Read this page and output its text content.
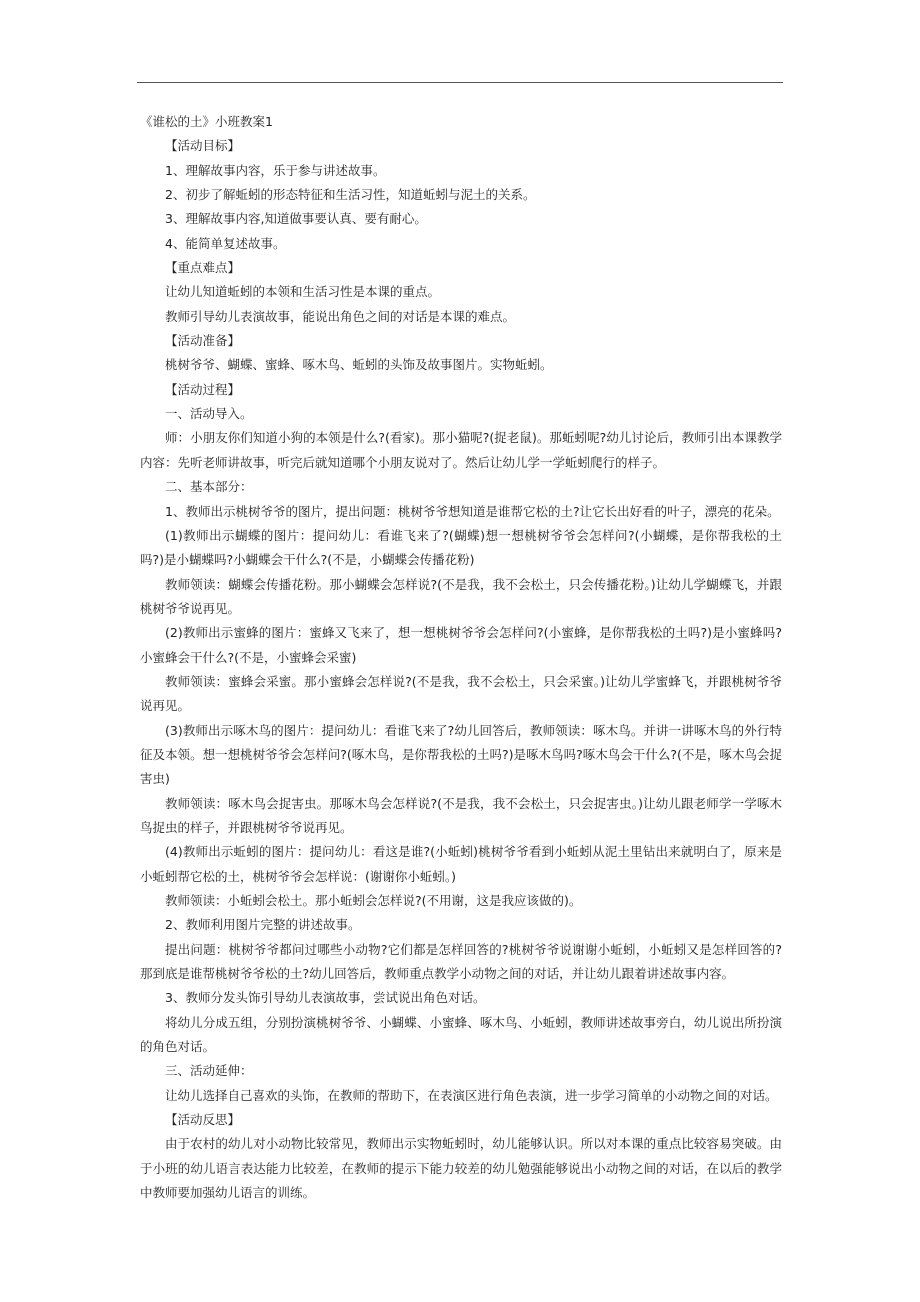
《谁松的土》小班教案1

【活动目标】

1、理解故事内容，乐于参与讲述故事。

2、初步了解蚯蚓的形态特征和生活习性，知道蚯蚓与泥土的关系。

3、理解故事内容,知道做事要认真、要有耐心。

4、能简单复述故事。

【重点难点】

让幼儿知道蚯蚓的本领和生活习性是本课的重点。

教师引导幼儿表演故事，能说出角色之间的对话是本课的难点。

【活动准备】

桃树爷爷、蝴蝶、蜜蜂、啄木鸟、蚯蚓的头饰及故事图片。实物蚯蚓。

【活动过程】

一、活动导入。

师：小朋友你们知道小狗的本领是什么?(看家)。那小猫呢?(捉老鼠)。那蚯蚓呢?幼儿讨论后，教师引出本课教学内容：先听老师讲故事，听完后就知道哪个小朋友说对了。然后让幼儿学一学蚯蚓爬行的样子。

二、基本部分：

1、教师出示桃树爷爷的图片，提出问题：桃树爷爷想知道是谁帮它松的土?让它长出好看的叶子，漂亮的花朵。

(1)教师出示蝴蝶的图片：提问幼儿：看谁飞来了?(蝴蝶)想一想桃树爷爷会怎样问?(小蝴蝶，是你帮我松的土吗?)是小蝴蝶吗?小蝴蝶会干什么?(不是，小蝴蝶会传播花粉)

教师领读：蝴蝶会传播花粉。那小蝴蝶会怎样说?(不是我，我不会松土，只会传播花粉。)让幼儿学蝴蝶飞，并跟桃树爷爷说再见。

(2)教师出示蜜蜂的图片：蜜蜂又飞来了，想一想桃树爷爷会怎样问?(小蜜蜂，是你帮我松的土吗?)是小蜜蜂吗?小蜜蜂会干什么?(不是，小蜜蜂会采蜜)

教师领读：蜜蜂会采蜜。那小蜜蜂会怎样说?(不是我，我不会松土，只会采蜜。)让幼儿学蜜蜂飞，并跟桃树爷爷说再见。

(3)教师出示啄木鸟的图片：提问幼儿：看谁飞来了?幼儿回答后，教师领读：啄木鸟。并讲一讲啄木鸟的外行特征及本领。想一想桃树爷爷会怎样问?(啄木鸟，是你帮我松的土吗?)是啄木鸟吗?啄木鸟会干什么?(不是，啄木鸟会捉害虫)

教师领读：啄木鸟会捉害虫。那啄木鸟会怎样说?(不是我，我不会松土，只会捉害虫。)让幼儿跟老师学一学啄木鸟捉虫的样子，并跟桃树爷爷说再见。

(4)教师出示蚯蚓的图片：提问幼儿：看这是谁?(小蚯蚓)桃树爷爷看到小蚯蚓从泥土里钻出来就明白了，原来是小蚯蚓帮它松的土，桃树爷爷会怎样说：(谢谢你小蚯蚓。)

教师领读：小蚯蚓会松土。那小蚯蚓会怎样说?(不用谢，这是我应该做的)。

2、教师利用图片完整的讲述故事。

提出问题：桃树爷爷都问过哪些小动物?它们都是怎样回答的?桃树爷爷说谢谢小蚯蚓，小蚯蚓又是怎样回答的?那到底是谁帮桃树爷爷松的土?幼儿回答后，教师重点教学小动物之间的对话，并让幼儿跟着讲述故事内容。

3、教师分发头饰引导幼儿表演故事，尝试说出角色对话。

将幼儿分成五组，分别扮演桃树爷爷、小蝴蝶、小蜜蜂、啄木鸟、小蚯蚓，教师讲述故事旁白，幼儿说出所扮演的角色对话。

三、活动延伸：

让幼儿选择自己喜欢的头饰，在教师的帮助下，在表演区进行角色表演，进一步学习简单的小动物之间的对话。

【活动反思】

由于农村的幼儿对小动物比较常见，教师出示实物蚯蚓时，幼儿能够认识。所以对本课的重点比较容易突破。由于小班的幼儿语言表达能力比较差，在教师的提示下能力较差的幼儿勉强能够说出小动物之间的对话，在以后的教学中教师要加强幼儿语言的训练。
